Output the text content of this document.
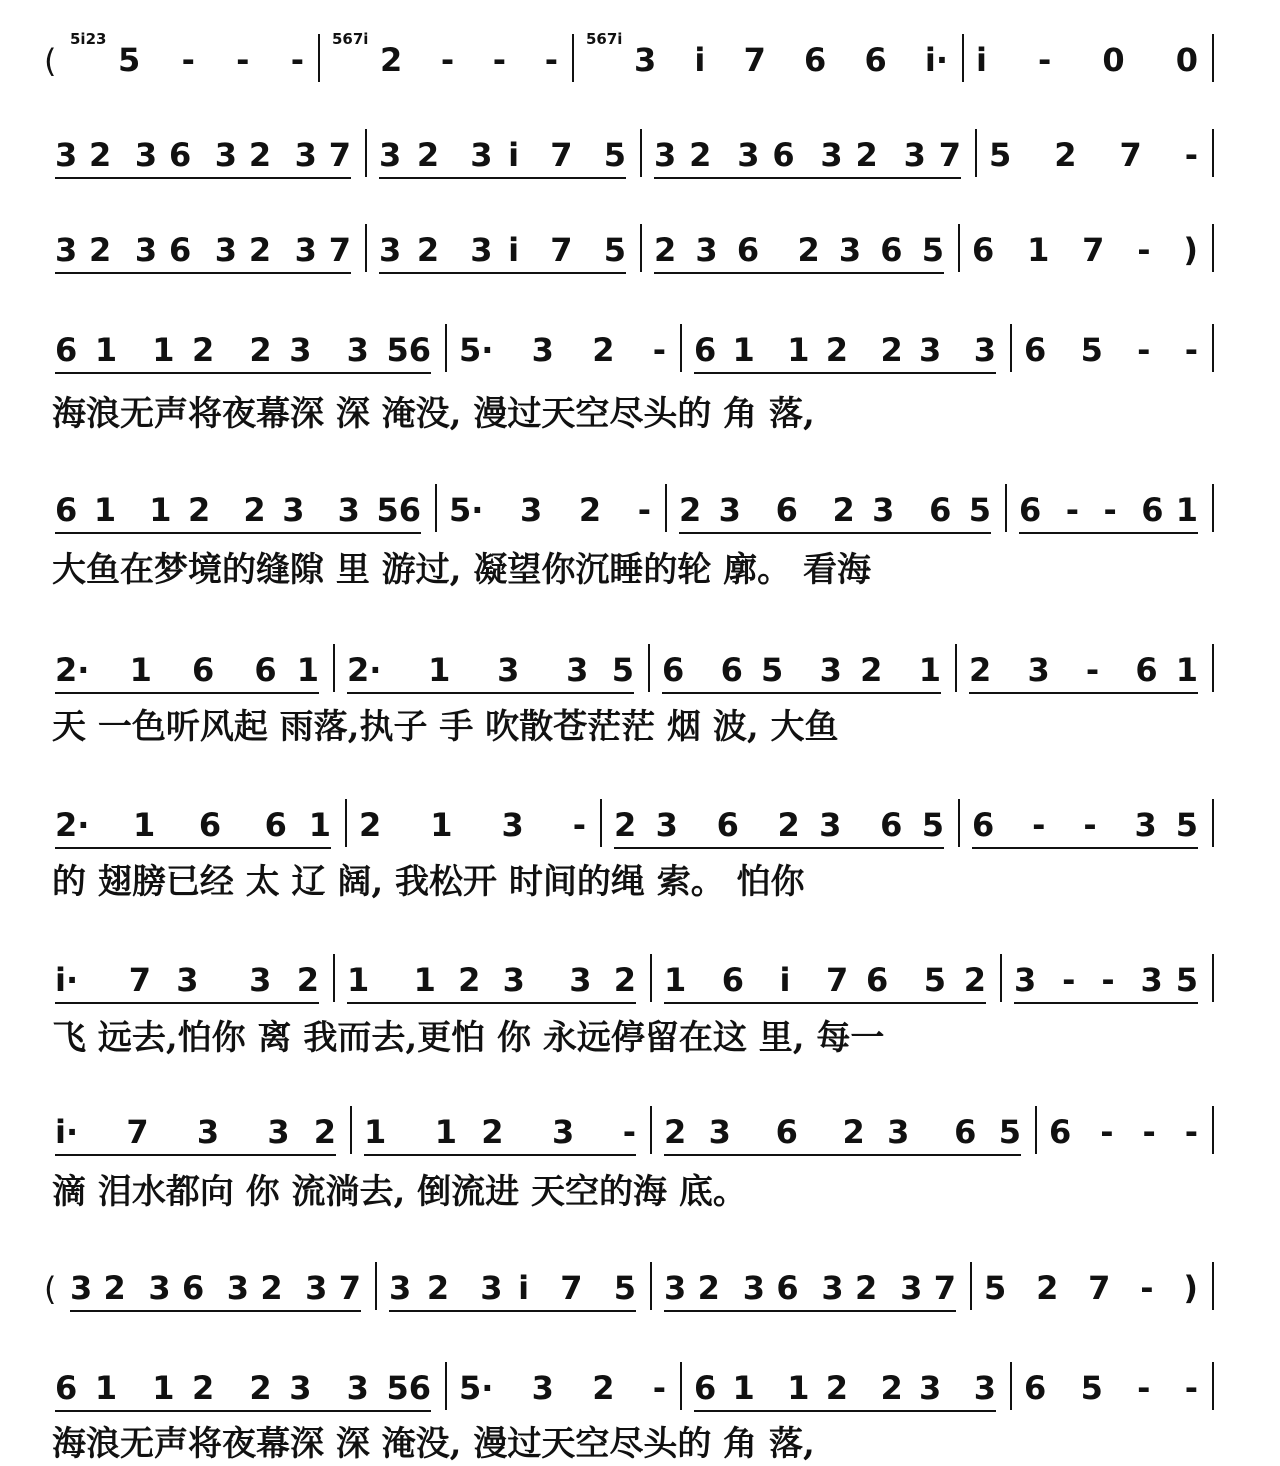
(
5i23
5  -  -  -
567i
2  -  -  -
567i
3  i  7  6  6  i· i  -  0  0
3 2  3 6  3 2  3 7 3 2  3 i  7  5 3 2  3 6  3 2  3 7 5  2  7  -
3 2  3 6  3 2  3 7 3 2  3 i  7  5 2 3 6  2 3 6 5 6  1  7  -  )
6 1  1 2  2 3  3 56 5·  3  2  - 6 1  1 2  2 3  3 6  5  -  -
海浪无声将夜幕深 深 淹没, 漫过天空尽头的 角 落,
6 1  1 2  2 3  3 56 5·  3  2  - 2 3  6  2 3  6 5 6  -  -  6 1
大鱼在梦境的缝隙 里 游过, 凝望你沉睡的轮 廓。 看海
2·  1  6  6 1 2·  1  3  3 5 6  6 5  3 2  1 2  3  -  6 1
天 一色听风起 雨落,执子 手 吹散苍茫茫 烟 波, 大鱼
2·  1  6  6 1 2  1  3  - 2 3  6  2 3  6 5 6  -  -  3 5
的 翅膀已经 太 辽 阔, 我松开 时间的绳 索。 怕你
i·  7 3  3 2 1  1 2 3  3 2 1  6  i  7 6  5 2 3  -  -  3 5
飞 远去,怕你 离 我而去,更怕 你 永远停留在这 里, 每一
i·  7  3  3 2 1  1 2  3  - 2 3  6  2 3  6 5 6  -  -  -
滴 泪水都向 你 流淌去, 倒流进 天空的海 底。
( 3 2  3 6  3 2  3 7 3 2  3 i  7  5 3 2  3 6  3 2  3 7 5  2  7  -  )
6 1  1 2  2 3  3 56 5·  3  2  - 6 1  1 2  2 3  3 6  5  -  -
海浪无声将夜幕深 深 淹没, 漫过天空尽头的 角 落,
